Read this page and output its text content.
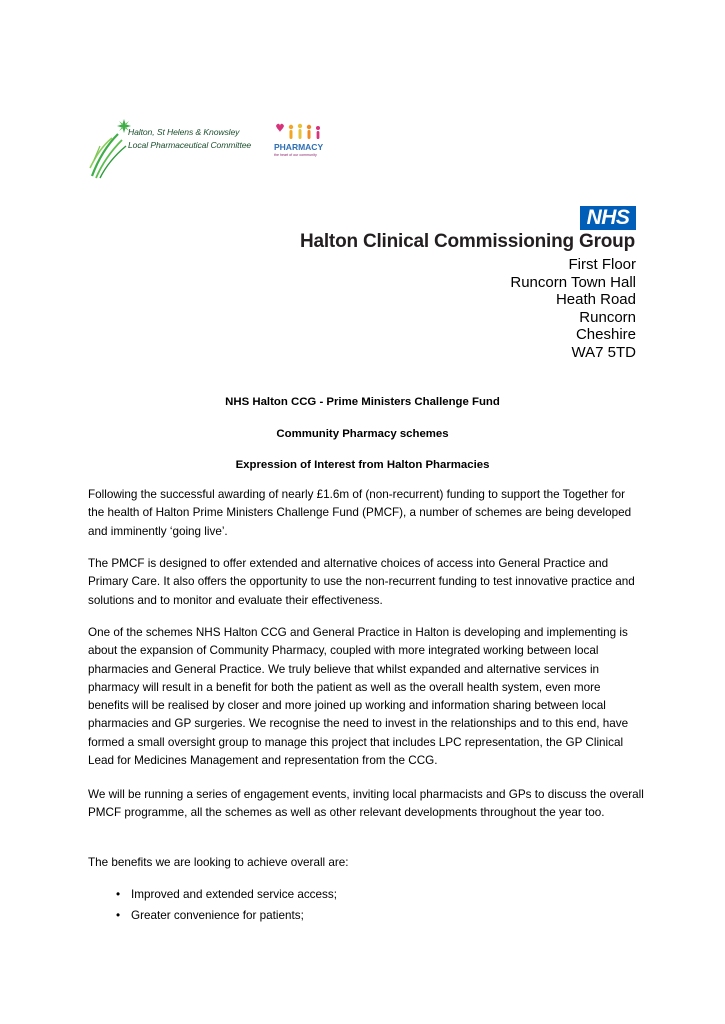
Halton, St Helens & Knowsley
Local Pharmaceutical Committee	PHARMACY
the heart of our community
NHS
Halton Clinical Commissioning Group
First Floor
Runcorn Town Hall
Heath Road
Runcorn
Cheshire
WA7 5TD
NHS Halton CCG - Prime Ministers Challenge Fund
Community Pharmacy schemes
Expression of Interest from Halton Pharmacies

Following the successful awarding of nearly £1.6m of (non-recurrent) funding to support the Together for the health of Halton Prime Ministers Challenge Fund (PMCF), a number of schemes are being developed and imminently ‘going live’.

The PMCF is designed to offer extended and alternative choices of access into General Practice and Primary Care. It also offers the opportunity to use the non-recurrent funding to test innovative practice and solutions and to monitor and evaluate their effectiveness.

One of the schemes NHS Halton CCG and General Practice in Halton is developing and implementing is about the expansion of Community Pharmacy, coupled with more integrated working between local pharmacies and General Practice. We truly believe that whilst expanded and alternative services in pharmacy will result in a benefit for both the patient as well as the overall health system, even more benefits will be realised by closer and more joined up working and information sharing between local pharmacies and GP surgeries. We recognise the need to invest in the relationships and to this end, have formed a small oversight group to manage this project that includes LPC representation, the GP Clinical Lead for Medicines Management and representation from the CCG.

We will be running a series of engagement events, inviting local pharmacists and GPs to discuss the overall PMCF programme, all the schemes as well as other relevant developments throughout the year too.

The benefits we are looking to achieve overall are:

• Improved and extended service access;
• Greater convenience for patients;
